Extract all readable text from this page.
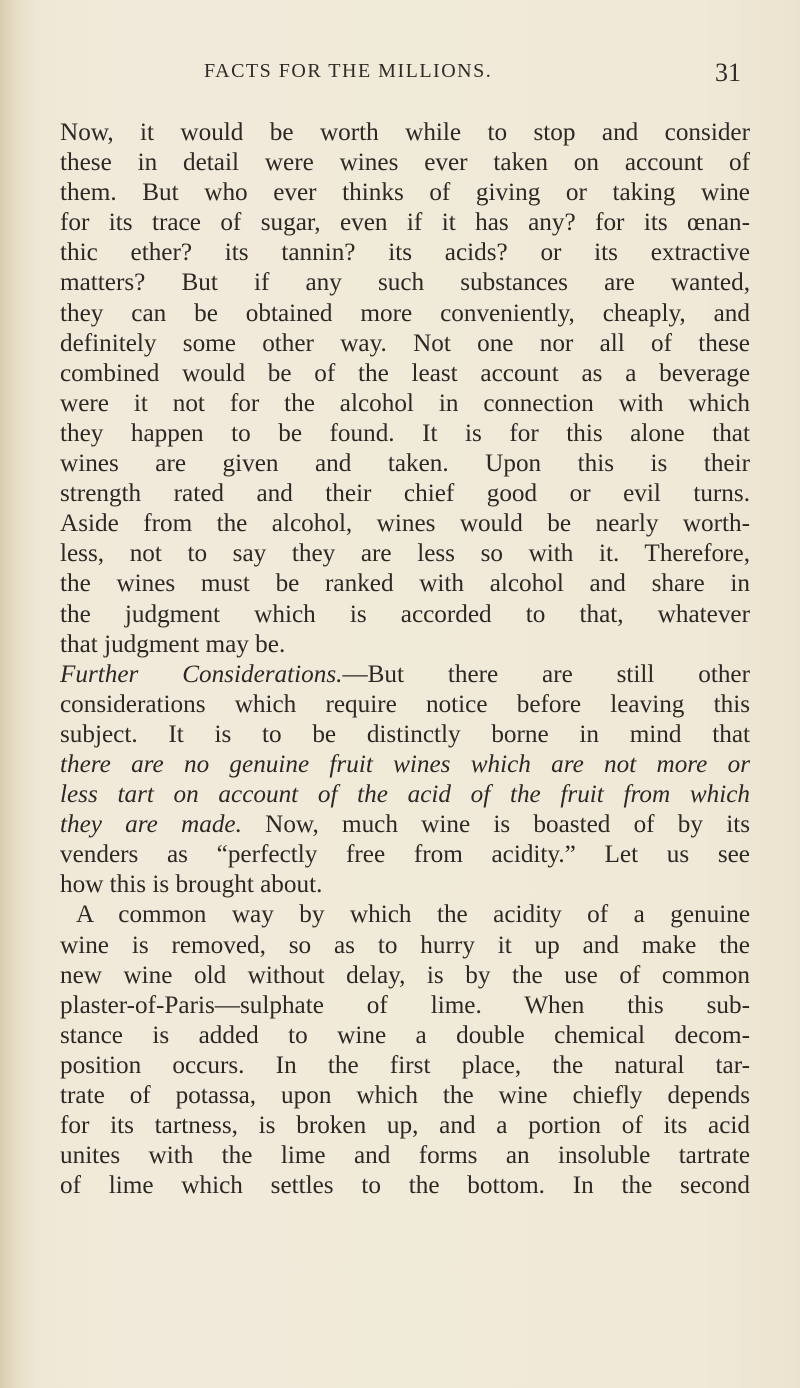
FACTS FOR THE MILLIONS.	31
Now, it would be worth while to stop and consider
these in detail were wines ever taken on account of
them. But who ever thinks of giving or taking wine
for its trace of sugar, even if it has any? for its œnan-
thic ether? its tannin? its acids? or its extractive
matters? But if any such substances are wanted,
they can be obtained more conveniently, cheaply, and
definitely some other way. Not one nor all of these
combined would be of the least account as a beverage
were it not for the alcohol in connection with which
they happen to be found. It is for this alone that
wines are given and taken. Upon this is their
strength rated and their chief good or evil turns.
Aside from the alcohol, wines would be nearly worth-
less, not to say they are less so with it. Therefore,
the wines must be ranked with alcohol and share in
the judgment which is accorded to that, whatever
that judgment may be.
Further Considerations.—But there are still other
considerations which require notice before leaving this
subject. It is to be distinctly borne in mind that
there are no genuine fruit wines which are not more or
less tart on account of the acid of the fruit from which
they are made. Now, much wine is boasted of by its
venders as “perfectly free from acidity.” Let us see
how this is brought about.
A common way by which the acidity of a genuine
wine is removed, so as to hurry it up and make the
new wine old without delay, is by the use of common
plaster-of-Paris—sulphate of lime. When this sub-
stance is added to wine a double chemical decom-
position occurs. In the first place, the natural tar-
trate of potassa, upon which the wine chiefly depends
for its tartness, is broken up, and a portion of its acid
unites with the lime and forms an insoluble tartrate
of lime which settles to the bottom. In the second
